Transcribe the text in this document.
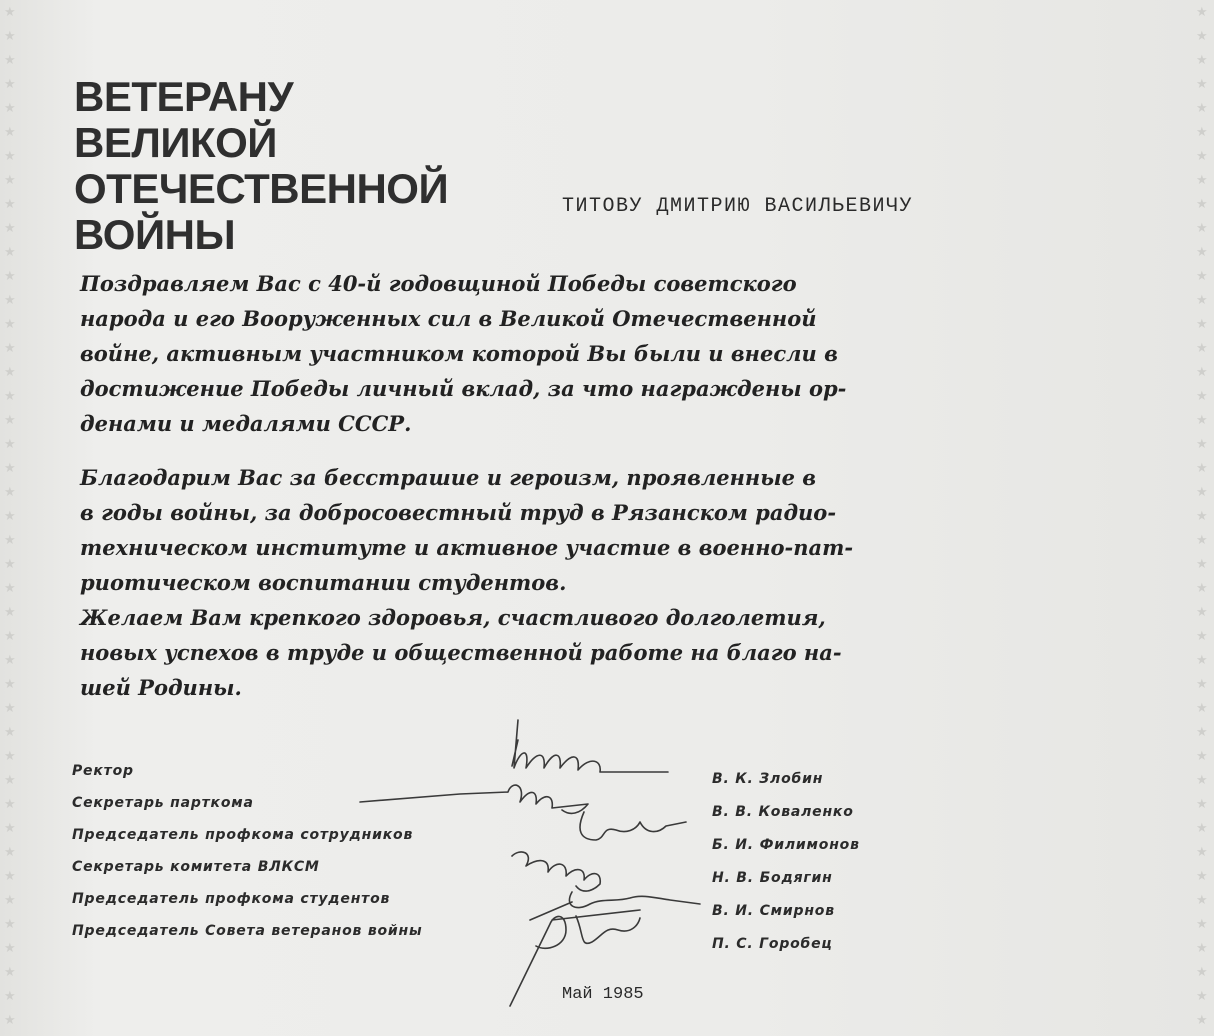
★
★
★
★
★
★
★
★
★
★
★
★
★
★
★
★
★
★
★
★
★
★
★
★
★
★
★
★
★
★
★
★
★
★
★
★
★
★
★
★
★
★
★
★
★
★
★
★
★
★
★
★
★
★
★
★
★
★
★
★
★
★
★
★
★
★
★
★
★
★
★
★
★
★
★
★
★
★
★
★
★
★
★
★
★
★
ВЕТЕРАНУ
ВЕЛИКОЙ
ОТЕЧЕСТВЕННОЙ
ВОЙНЫ
ТИТОВУ ДМИТРИЮ ВАСИЛЬЕВИЧУ

Поздравляем Вас с 40-й годовщиной Победы советского
народа и его Вооруженных сил в Великой Отечественной
войне, активным участником которой Вы были и внесли в
достижение Победы личный вклад, за что награждены ор-
денами и медалями СССР.

Благодарим Вас за бесстрашие и героизм, проявленные в
в годы войны, за добросовестный труд в Рязанском радио-
техническом институте и активное участие в военно-пат-
риотическом воспитании студентов.

Желаем Вам крепкого здоровья, счастливого долголетия,
новых успехов в труде и общественной работе на благо на-
шей Родины.

Ректор
Секретарь парткома
Председатель профкома сотрудников
Секретарь комитета ВЛКСМ
Председатель профкома студентов
Председатель Совета ветеранов войны
В. К. Злобин
В. В. Коваленко
Б. И. Филимонов
Н. В. Бодягин
В. И. Смирнов
П. С. Горобец
Май 1985
